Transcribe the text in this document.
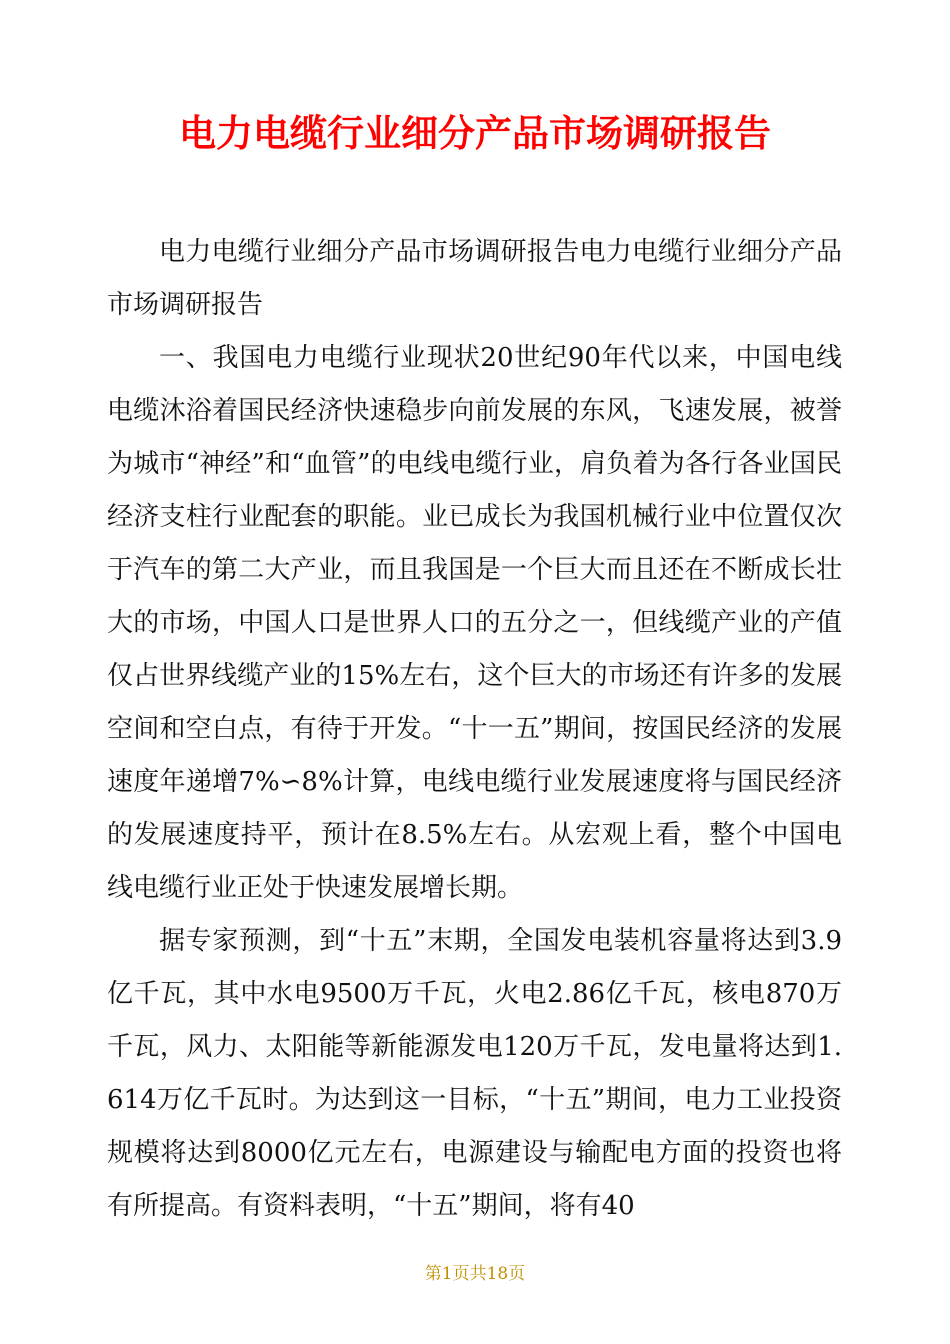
电力电缆行业细分产品市场调研报告

电力电缆行业细分产品市场调研报告电力电缆行业细分产品市场调研报告

一、我国电力电缆行业现状20世纪90年代以来，中国电线电缆沐浴着国民经济快速稳步向前发展的东风，飞速发展，被誉为城市“神经”和“血管”的电线电缆行业，肩负着为各行各业国民经济支柱行业配套的职能。业已成长为我国机械行业中位置仅次于汽车的第二大产业，而且我国是一个巨大而且还在不断成长壮大的市场，中国人口是世界人口的五分之一，但线缆产业的产值仅占世界线缆产业的15%左右，这个巨大的市场还有许多的发展空间和空白点，有待于开发。“十一五”期间，按国民经济的发展速度年递增7%∽8%计算，电线电缆行业发展速度将与国民经济的发展速度持平，预计在8.5%左右。从宏观上看，整个中国电线电缆行业正处于快速发展增长期。

据专家预测，到“十五”末期，全国发电装机容量将达到3.9亿千瓦，其中水电9500万千瓦，火电2.86亿千瓦，核电870万千瓦，风力、太阳能等新能源发电120万千瓦，发电量将达到1.614万亿千瓦时。为达到这一目标，“十五”期间，电力工业投资规模将达到8000亿元左右，电源建设与输配电方面的投资也将有所提高。有资料表明，“十五”期间，将有40

第1页共18页
